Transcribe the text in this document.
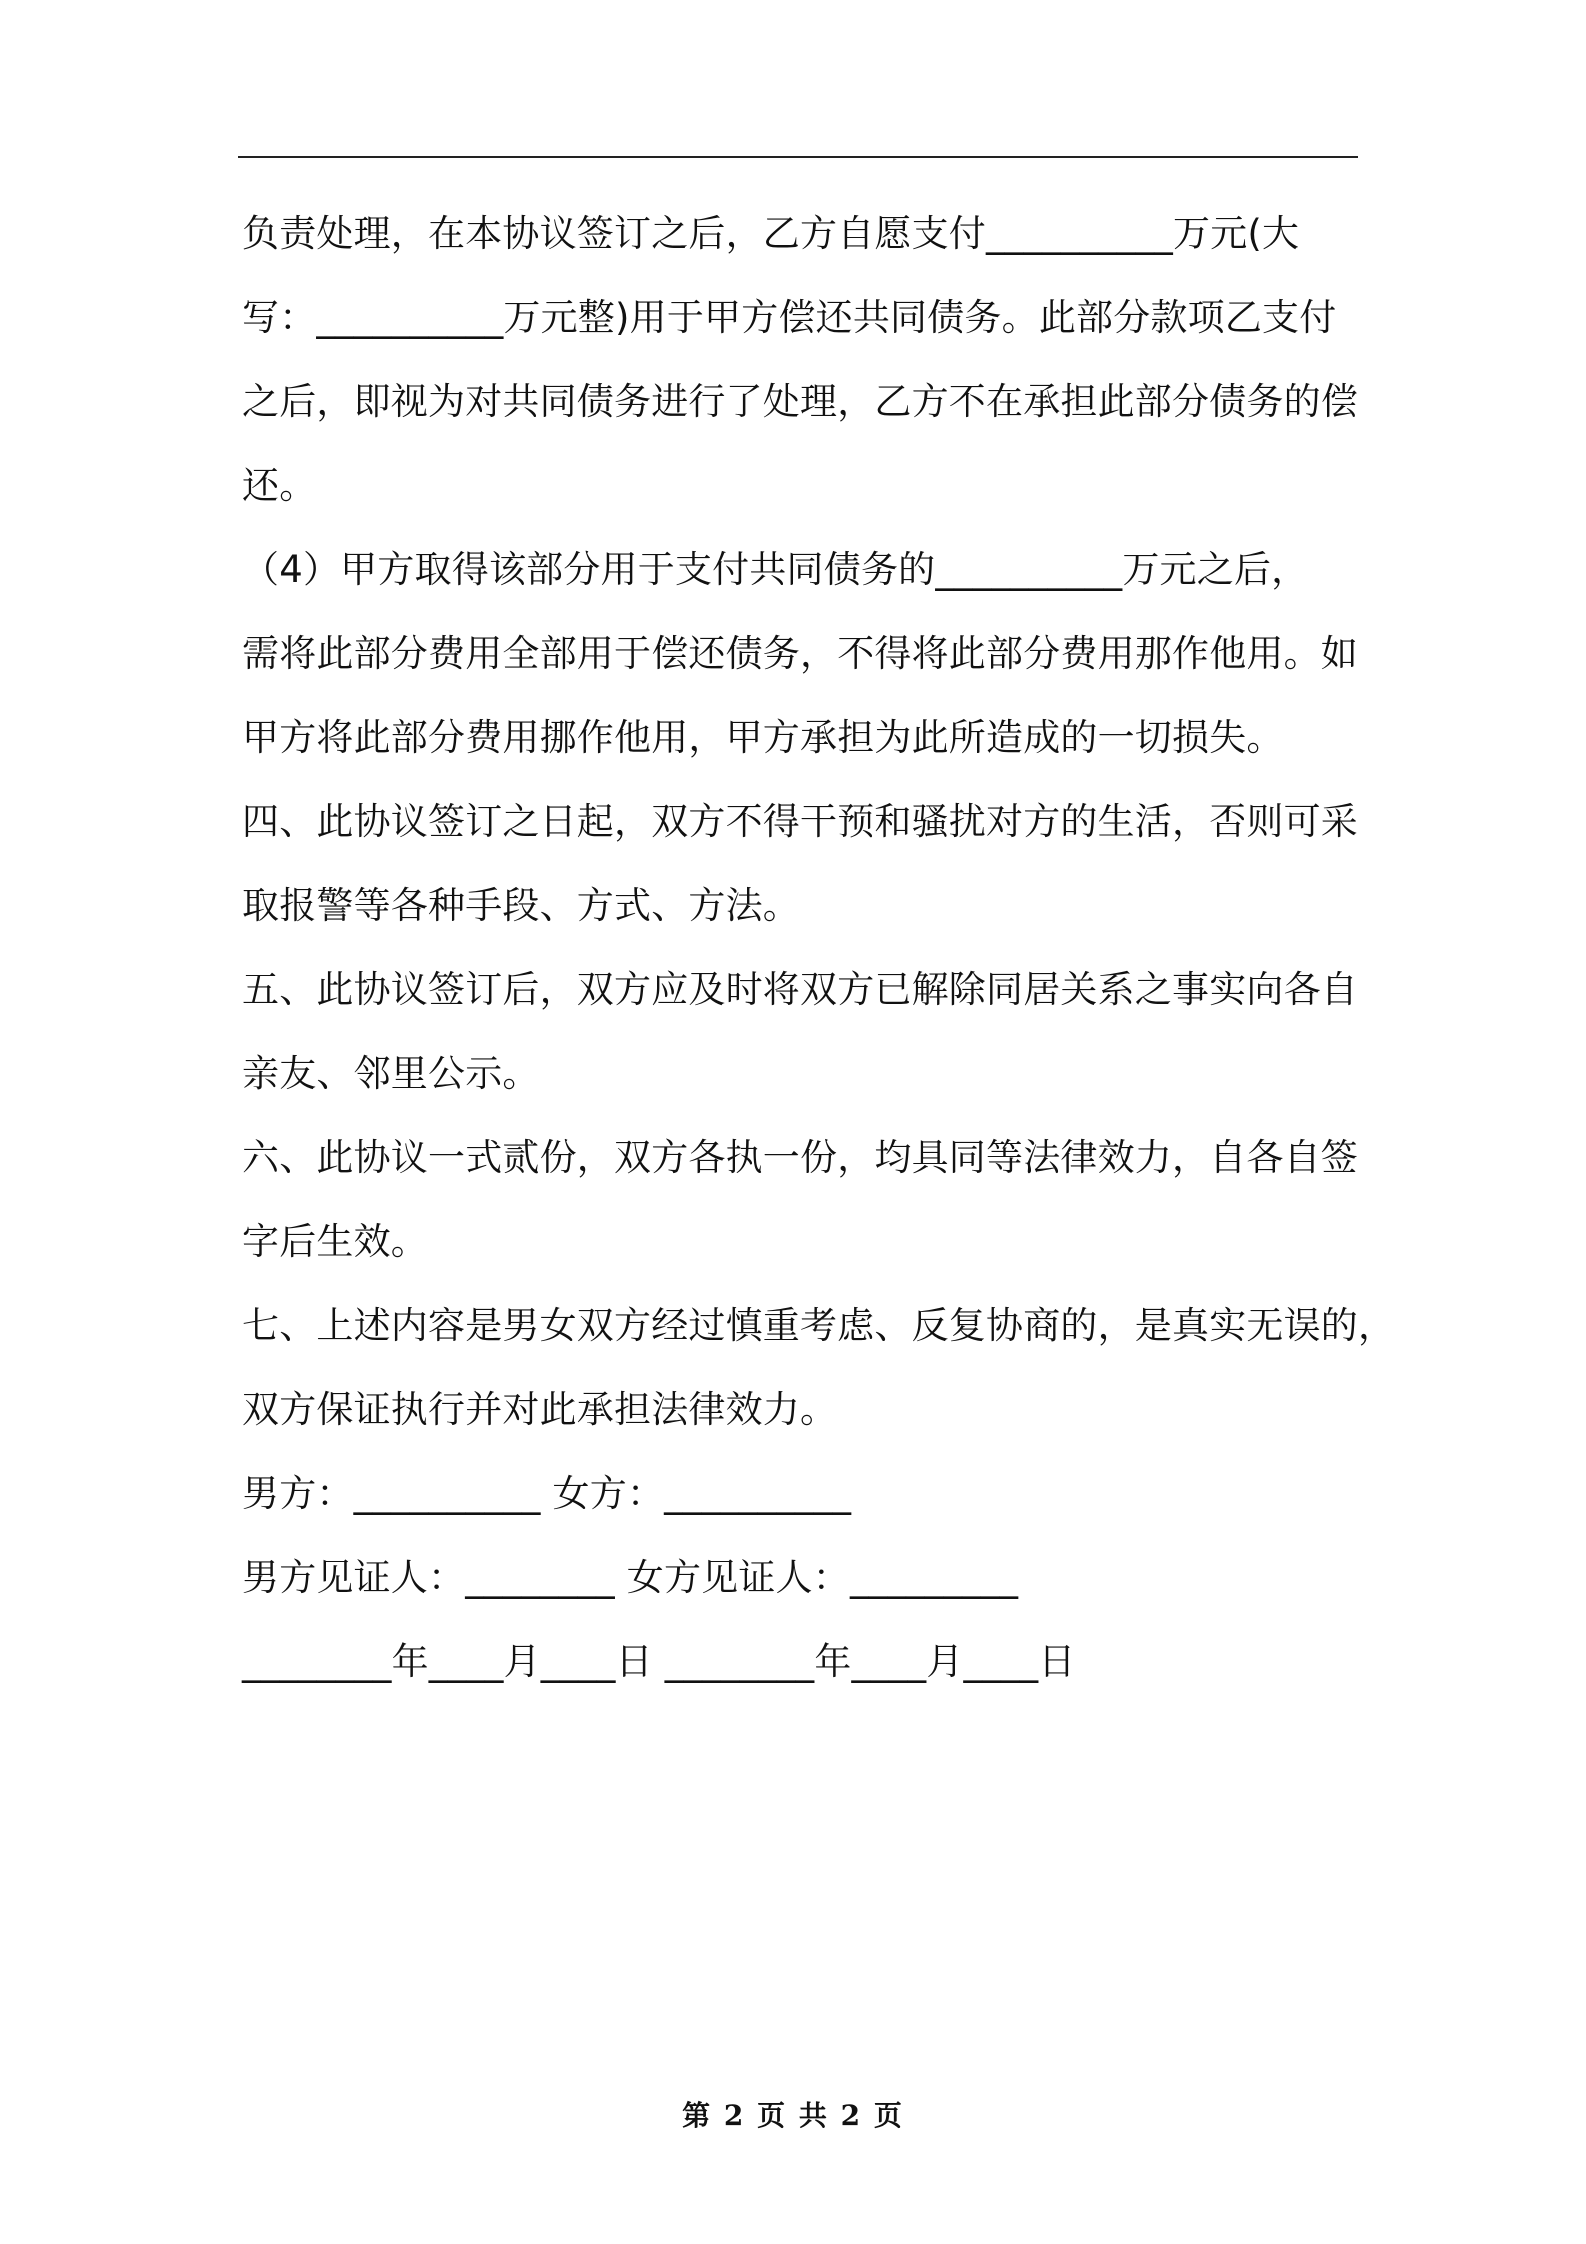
负责处理，在本协议签订之后，乙方自愿支付__________万元(大
写：__________万元整)用于甲方偿还共同债务。此部分款项乙支付
之后，即视为对共同债务进行了处理，乙方不在承担此部分债务的偿
还。
（4）甲方取得该部分用于支付共同债务的__________万元之后，
需将此部分费用全部用于偿还债务，不得将此部分费用那作他用。如
甲方将此部分费用挪作他用，甲方承担为此所造成的一切损失。
四、此协议签订之日起，双方不得干预和骚扰对方的生活，否则可采
取报警等各种手段、方式、方法。
五、此协议签订后，双方应及时将双方已解除同居关系之事实向各自
亲友、邻里公示。
六、此协议一式贰份，双方各执一份，均具同等法律效力，自各自签
字后生效。
七、上述内容是男女双方经过慎重考虑、反复协商的，是真实无误的，
双方保证执行并对此承担法律效力。
男方：__________ 女方：__________
男方见证人：________ 女方见证人：_________
________年____月____日 ________年____月____日
第 2 页 共 2 页
